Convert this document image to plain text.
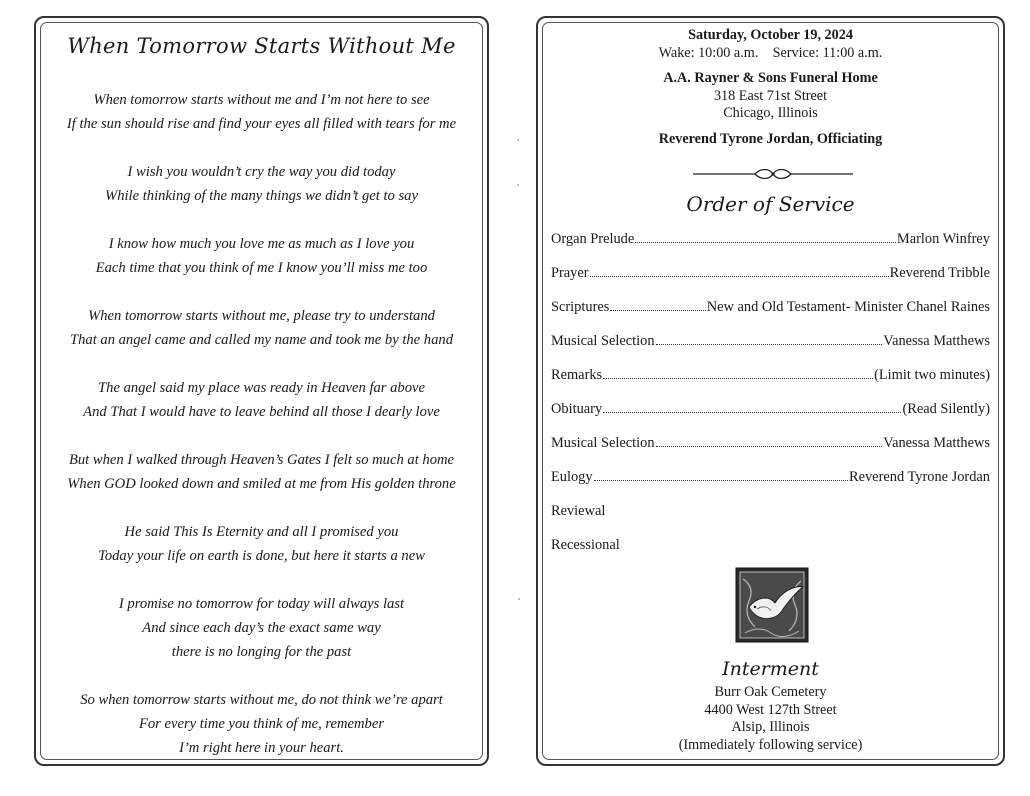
When Tomorrow Starts Without Me
When tomorrow starts without me and I’m not here to see
If the sun should rise and find your eyes all filled with tears for me
I wish you wouldn’t cry the way you did today
While thinking of the many things we didn’t get to say
I know how much you love me as much as I love you
Each time that you think of me I know you’ll miss me too
When tomorrow starts without me, please try to understand
That an angel came and called my name and took me by the hand
The angel said my place was ready in Heaven far above
And That I would have to leave behind all those I dearly love
But when I walked through Heaven’s Gates I felt so much at home
When GOD looked down and smiled at me from His golden throne
He said This Is Eternity and all I promised you
Today your life on earth is done, but here it starts a new
I promise no tomorrow for today will always last
And since each day’s the exact same way
there is no longing for the past
So when tomorrow starts without me, do not think we’re apart
For every time you think of me, remember
I’m right here in your heart.
Saturday, October 19, 2024
Wake: 10:00 a.m. Service: 11:00 a.m.
A.A. Rayner & Sons Funeral Home
318 East 71st Street
Chicago, Illinois
Reverend Tyrone Jordan, Officiating
Order of Service
Organ Prelude	Marlon Winfrey
Prayer	Reverend Tribble
Scriptures	New and Old Testament- Minister Chanel Raines
Musical Selection	Vanessa Matthews
Remarks	(Limit two minutes)
Obituary	(Read Silently)
Musical Selection	Vanessa Matthews
Eulogy	Reverend Tyrone Jordan
Reviewal
Recessional
Interment
Burr Oak Cemetery
4400 West 127th Street
Alsip, Illinois
(Immediately following service)
